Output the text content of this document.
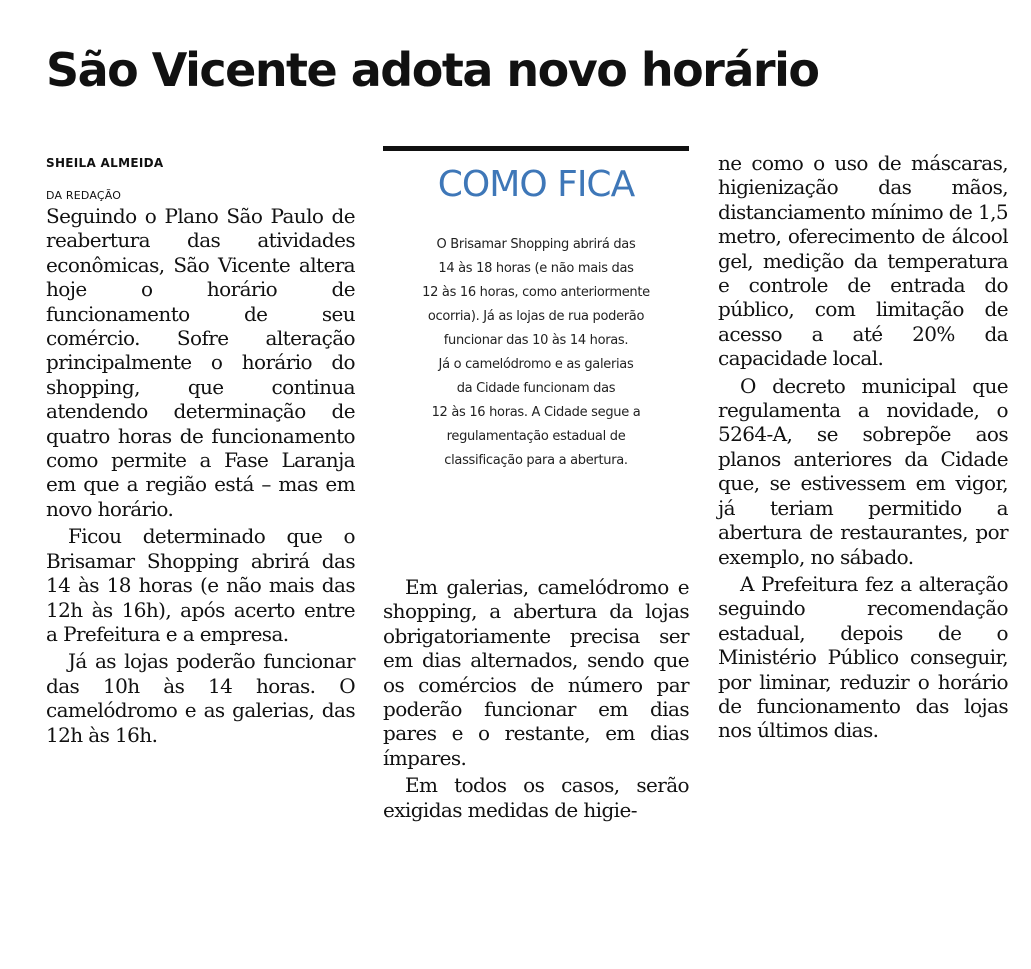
São Vicente adota novo horário
SHEILA ALMEIDA
DA REDAÇÃO

Seguindo o Plano São Paulo de reabertura das atividades econômicas, São Vicente altera hoje o horário de funcionamento de seu comércio. Sofre alteração principalmente o horário do shopping, que continua atendendo determinação de quatro horas de funcionamento como permite a Fase Laranja em que a região está – mas em novo horário.

Ficou determinado que o Brisamar Shopping abrirá das 14 às 18 horas (e não mais das 12h às 16h), após acerto entre a Prefeitura e a empresa.

Já as lojas poderão funcionar das 10h às 14 horas. O camelódromo e as galerias, das 12h às 16h.

COMO FICA
O Brisamar Shopping abrirá das
14 às 18 horas (e não mais das
12 às 16 horas, como anteriormente
ocorria). Já as lojas de rua poderão
funcionar das 10 às 14 horas.
Já o camelódromo e as galerias
da Cidade funcionam das
12 às 16 horas. A Cidade segue a
regulamentação estadual de
classificação para a abertura.

Em galerias, camelódromo e shopping, a abertura da lojas obrigatoriamente precisa ser em dias alternados, sendo que os comércios de número par poderão funcionar em dias pares e o restante, em dias ímpares.

Em todos os casos, serão exigidas medidas de higie-

ne como o uso de máscaras, higienização das mãos, distanciamento mínimo de 1,5 metro, oferecimento de álcool gel, medição da temperatura e controle de entrada do público, com limitação de acesso a até 20% da capacidade local.

O decreto municipal que regulamenta a novidade, o 5264-A, se sobrepõe aos planos anteriores da Cidade que, se estivessem em vigor, já teriam permitido a abertura de restaurantes, por exemplo, no sábado.

A Prefeitura fez a alteração seguindo recomendação estadual, depois de o Ministério Público conseguir, por liminar, reduzir o horário de funcionamento das lojas nos últimos dias.
